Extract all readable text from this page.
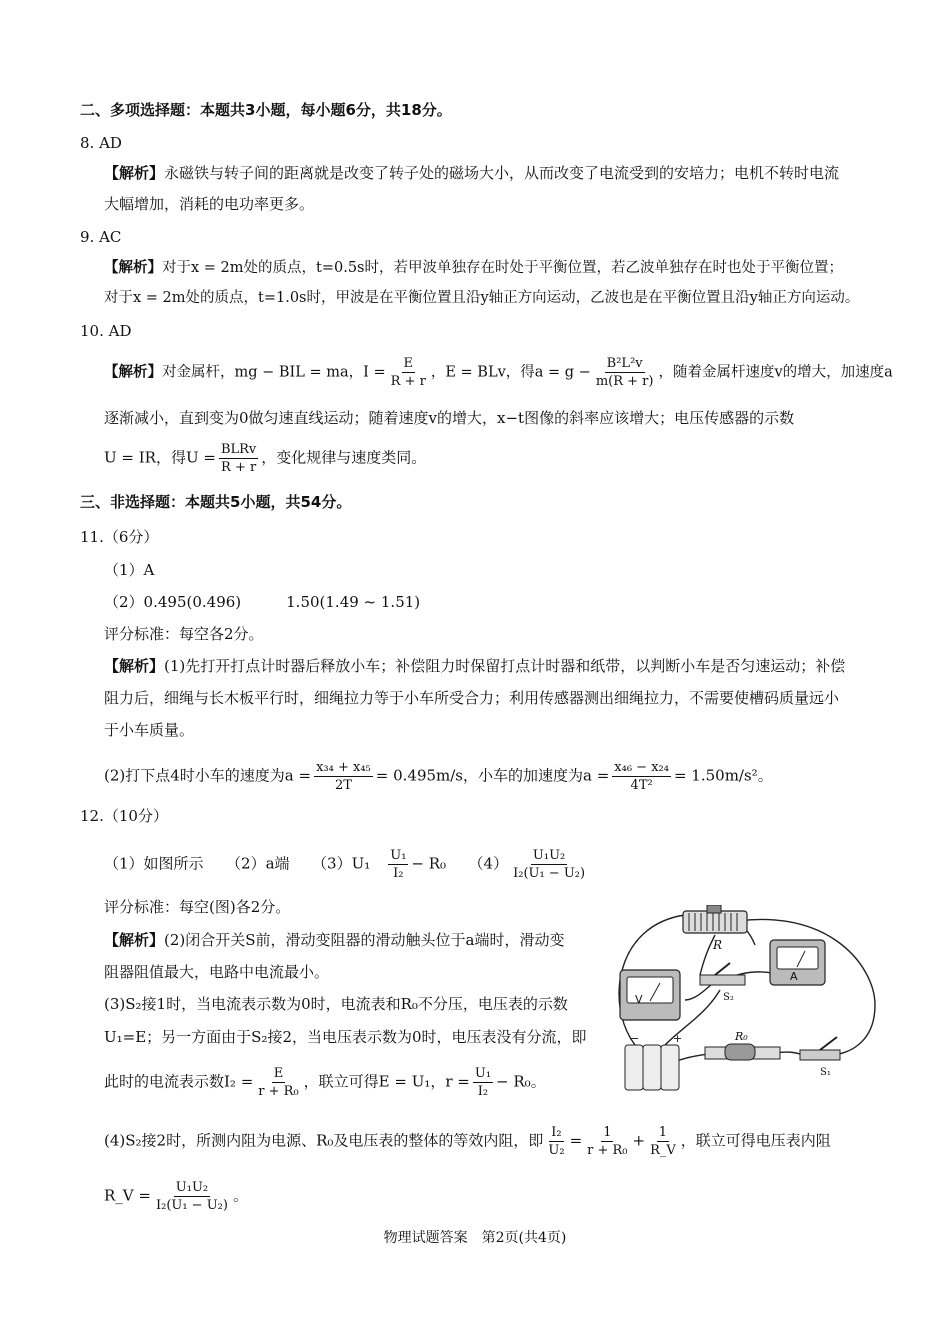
二、多项选择题：本题共3小题，每小题6分，共18分。
8. AD
【解析】永磁铁与转子间的距离就是改变了转子处的磁场大小，从而改变了电流受到的安培力；电机不转时电流
大幅增加，消耗的电功率更多。
9. AC
【解析】对于x = 2m处的质点，t=0.5s时，若甲波单独存在时处于平衡位置，若乙波单独存在时也处于平衡位置；
对于x = 2m处的质点，t=1.0s时，甲波是在平衡位置且沿y轴正方向运动，乙波也是在平衡位置且沿y轴正方向运动。
10. AD
【解析】对金属杆，mg − BIL = ma，$I = \frac{E}{R + r}$ ，E = BLv，得$a = g - \frac{\text{B²L²v}}{m(R + r)}$ ，随着金属杆速度v的增大，加速度a
逐渐减小，直到变为0做匀速直线运动；随着速度v的增大，x−t图像的斜率应该增大；电压传感器的示数
U = IR，得$U = \frac{\text{BLRv}}{R + r}$ ，变化规律与速度类同。
三、非选择题：本题共5小题，共54分。
11.（6分）
（1）A
（2）0.495(0.496)　　　1.50(1.49 ~ 1.51)
评分标准：每空各2分。
【解析】(1)先打开打点计时器后释放小车；补偿阻力时保留打点计时器和纸带，以判断小车是否匀速运动；补偿
阻力后，细绳与长木板平行时，细绳拉力等于小车所受合力；利用传感器测出细绳拉力，不需要使槽码质量远小
于小车质量。
(2)打下点4时小车的速度为$a = \frac{\text{x₃₄ + x₄₅}}{2T} = 0.495m/s$，小车的加速度为$a = \frac{\text{x₄₆ − x₂₄}}{\text{4T²}} = 1.50m/s^2$。
12.（10分）
（1）如图所示　　（2）a端　　（3）U₁　 $\frac{\text{U₁}}{\text{I₂}} - R_0$　　$(4) \frac{\text{U₁U₂}}{\text{I₂(U₁ − U₂)}}$
评分标准：每空(图)各2分。
【解析】(2)闭合开关S前，滑动变阻器的滑动触头位于a端时，滑动变
阻器阻值最大，电路中电流最小。
(3)S₂接1时，当电流表示数为0时，电流表和R₀不分压，电压表的示数
U₁=E；另一方面由于S₂接2，当电压表示数为0时，电压表没有分流，即
此时的电流表示数$I_2 = \frac{E}{\text{r + R₀}}$ ，联立可得E = U₁，$r = \frac{\text{U₁}}{\text{I₂}} - R_0$。
(4)S₂接2时，所测内阻为电源、R₀及电压表的整体的等效内阻，即 $\frac{\text{I₂}}{\text{U₂}} = \frac{1}{\text{r + R₀}} + \frac{1}{R\_V}$ ，联立可得电压表内阻
R_V = $\frac{\text{U₁U₂}}{\text{I₂(U₁ − U₂)}}$ 。
R
A
V	S₂
−	+	R₀
S₁
物理试题答案　第2页(共4页)
